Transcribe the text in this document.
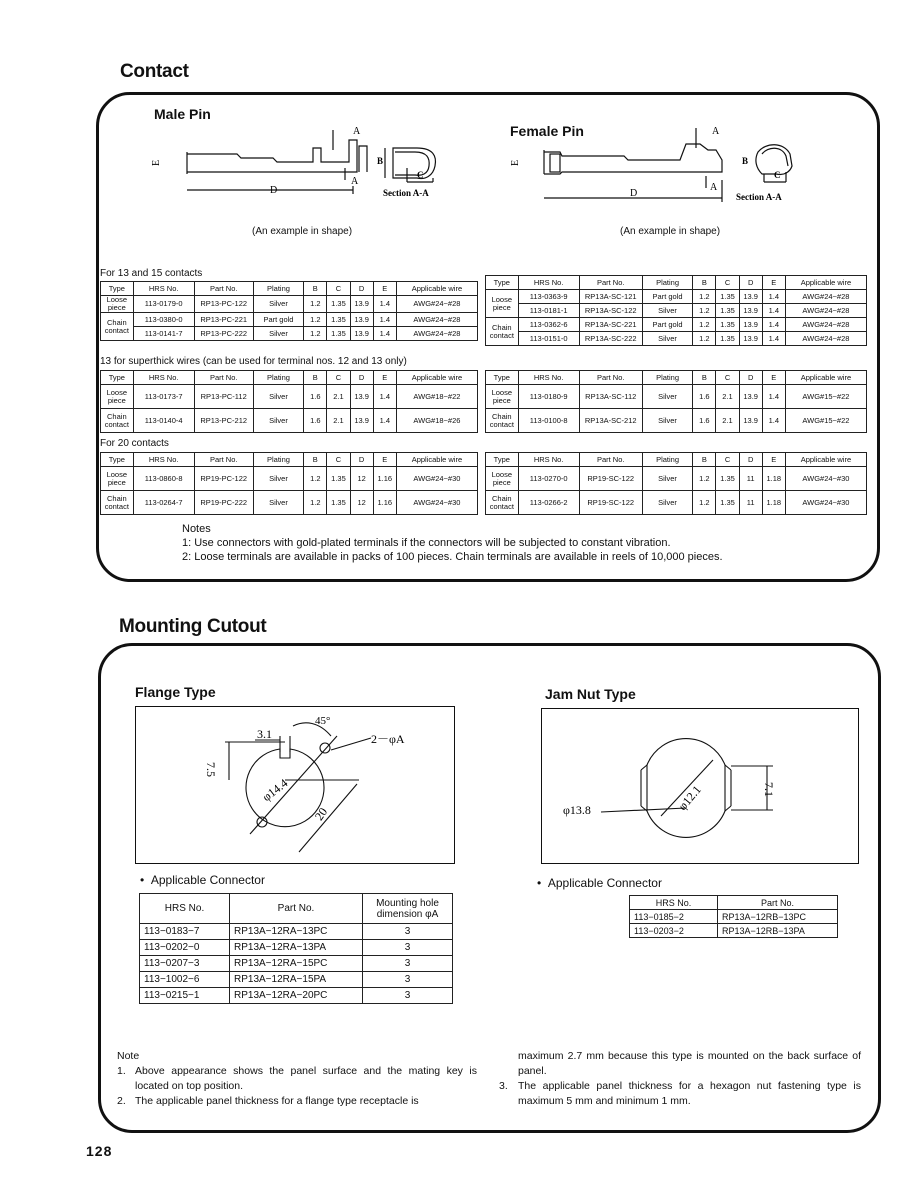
Contact
Male Pin
E
A
A
D
B
C
Section A-A
(An example in shape)
Female Pin
E
A
A
D
B
C
Section A-A
(An example in shape)
For 13 and 15 contacts
Type	HRS No.	Part No.	Plating	B	C	D	E	Applicable wire
Loose piece	113-0179-0	RP13-PC-122	Silver	1.2	1.35	13.9	1.4	AWG#24~#28
Chain contact	113-0380-0	RP13-PC-221	Part gold	1.2	1.35	13.9	1.4	AWG#24~#28
	113-0141-7	RP13-PC-222	Silver	1.2	1.35	13.9	1.4	AWG#24~#28
Type	HRS No.	Part No.	Plating	B	C	D	E	Applicable wire
Loose piece	113-0363-9	RP13A-SC-121	Part gold	1.2	1.35	13.9	1.4	AWG#24~#28
	113-0181-1	RP13A-SC-122	Silver	1.2	1.35	13.9	1.4	AWG#24~#28
Chain contact	113-0362-6	RP13A-SC-221	Part gold	1.2	1.35	13.9	1.4	AWG#24~#28
	113-0151-0	RP13A-SC-222	Silver	1.2	1.35	13.9	1.4	AWG#24~#28
13 for superthick wires (can be used for terminal nos. 12 and 13 only)
Type	HRS No.	Part No.	Plating	B	C	D	E	Applicable wire
Loose piece	113-0173-7	RP13-PC-112	Silver	1.6	2.1	13.9	1.4	AWG#18~#22
Chain contact	113-0140-4	RP13-PC-212	Silver	1.6	2.1	13.9	1.4	AWG#18~#26
Type	HRS No.	Part No.	Plating	B	C	D	E	Applicable wire
Loose piece	113-0180-9	RP13A-SC-112	Silver	1.6	2.1	13.9	1.4	AWG#15~#22
Chain contact	113-0100-8	RP13A-SC-212	Silver	1.6	2.1	13.9	1.4	AWG#15~#22
For 20 contacts
Type	HRS No.	Part No.	Plating	B	C	D	E	Applicable wire
Loose piece	113-0860-8	RP19-PC-122	Silver	1.2	1.35	12	1.16	AWG#24~#30
Chain contact	113-0264-7	RP19-PC-222	Silver	1.2	1.35	12	1.16	AWG#24~#30
Type	HRS No.	Part No.	Plating	B	C	D	E	Applicable wire
Loose piece	113-0270-0	RP19-SC-122	Silver	1.2	1.35	11	1.18	AWG#24~#30
Chain contact	113-0266-2	RP19-SC-122	Silver	1.2	1.35	11	1.18	AWG#24~#30
Notes
1: Use connectors with gold-plated terminals if the connectors will be subjected to constant vibration.
2: Loose terminals are available in packs of 100 pieces. Chain terminals are available in reels of 10,000 pieces.
Mounting Cutout
Flange Type
3.1
7.5
45°
2－φA
φ14.4
20
•  Applicable Connector
HRS No.	Part No.	Mounting hole dimension φA
113−0183−7	RP13A−12RA−13PC	3
113−0202−0	RP13A−12RA−13PA	3
113−0207−3	RP13A−12RA−15PC	3
113−1002−6	RP13A−12RA−15PA	3
113−0215−1	RP13A−12RA−20PC	3
Jam Nut Type
φ13.8	φ12.1	7.1
•  Applicable Connector
HRS No.	Part No.
113−0185−2	RP13A−12RB−13PC
113−0203−2	RP13A−12RB−13PA
Note
1. Above appearance shows the panel surface and the mating key is located on top position.
2. The applicable panel thickness for a flange type receptacle is
maximum 2.7 mm because this type is mounted on the back surface of panel.
3. The applicable panel thickness for a hexagon nut fastening type is maximum 5 mm and minimum 1 mm.
128
